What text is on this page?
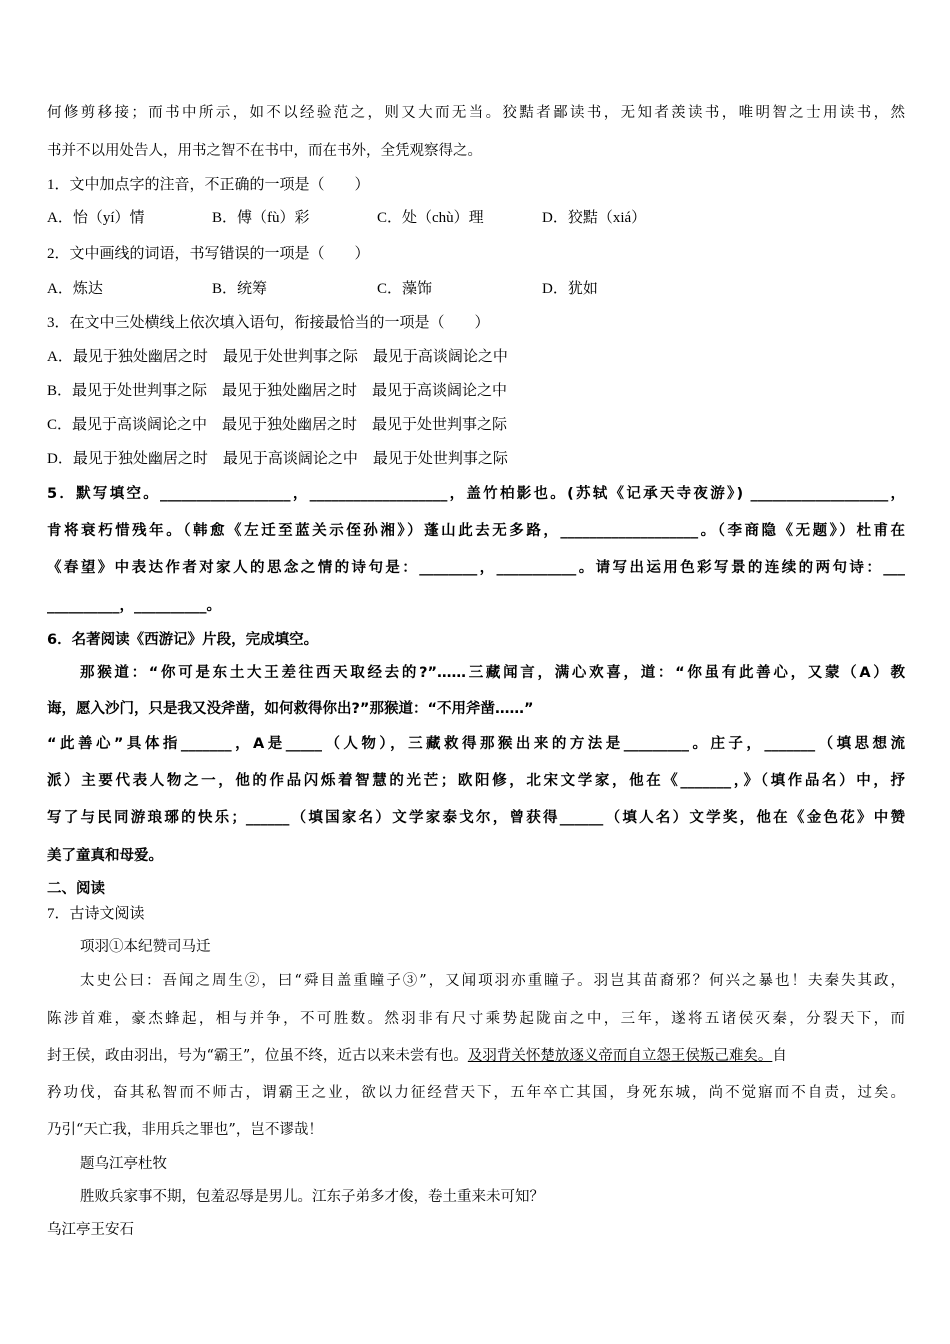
何修剪移接；而书中所示，如不以经验范之，则又大而无当。狡黠者鄙读书，无知者羡读书，唯明智之士用读书，然
书并不以用处告人，用书之智不在书中，而在书外，全凭观察得之。
1．文中加点字的注音，不正确的一项是（　　）
A．怡（yí）情	B．傅（fù）彩	C．处（chù）理	D．狡黠（xiá）
2．文中画线的词语，书写错误的一项是（　　）
A．炼达	B．统筹	C．藻饰	D．犹如
3．在文中三处横线上依次填入语句，衔接最恰当的一项是（　　）
A．最见于独处幽居之时　最见于处世判事之际　最见于高谈阔论之中
B．最见于处世判事之际　最见于独处幽居之时　最见于高谈阔论之中
C．最见于高谈阔论之中　最见于独处幽居之时　最见于处世判事之际
D．最见于独处幽居之时　最见于高谈阔论之中　最见于处世判事之际
5．默写填空。__________________，___________________，盖竹柏影也。(苏轼《记承天寺夜游》) ___________________，
肯将衰朽惜残年。（韩愈《左迁至蓝关示侄孙湘》）蓬山此去无多路，___________________。（李商隐《无题》）杜甫在
《春望》中表达作者对家人的思念之情的诗句是：________，___________。请写出运用色彩写景的连续的两句诗：___
__________，__________。
6．名著阅读《西游记》片段，完成填空。
那猴道：“你可是东土大王差往西天取经去的?”……三藏闻言，满心欢喜，道：“你虽有此善心，又蒙（A）教
诲，愿入沙门，只是我又没斧凿，如何救得你出?”那猴道：“不用斧凿……”
“此善心”具体指_______，A是_____（人物），三藏救得那猴出来的方法是_________。庄子，_______（填思想流
派）主要代表人物之一，他的作品闪烁着智慧的光芒；欧阳修，北宋文学家，他在《_______，》（填作品名）中，抒
写了与民同游琅琊的快乐；______（填国家名）文学家泰戈尔，曾获得______（填人名）文学奖，他在《金色花》中赞
美了童真和母爱。
二、阅读
7．古诗文阅读
项羽①本纪赞司马迁
太史公曰：吾闻之周生②，曰“舜目盖重瞳子③”，又闻项羽亦重瞳子。羽岂其苗裔邪？何兴之暴也！夫秦失其政，
陈涉首难，豪杰蜂起，相与并争，不可胜数。然羽非有尺寸乘势起陇亩之中，三年，遂将五诸侯灭秦，分裂天下，而
封王侯，政由羽出，号为“霸王”，位虽不终，近古以来未尝有也。及羽背关怀楚放逐义帝而自立怨王侯叛己难矣。自
矜功伐，奋其私智而不师古，谓霸王之业，欲以力征经营天下，五年卒亡其国，身死东城，尚不觉寤而不自责，过矣。
乃引“天亡我，非用兵之罪也”，岂不谬哉！
题乌江亭杜牧
胜败兵家事不期，包羞忍辱是男儿。江东子弟多才俊，卷土重来未可知？
乌江亭王安石
